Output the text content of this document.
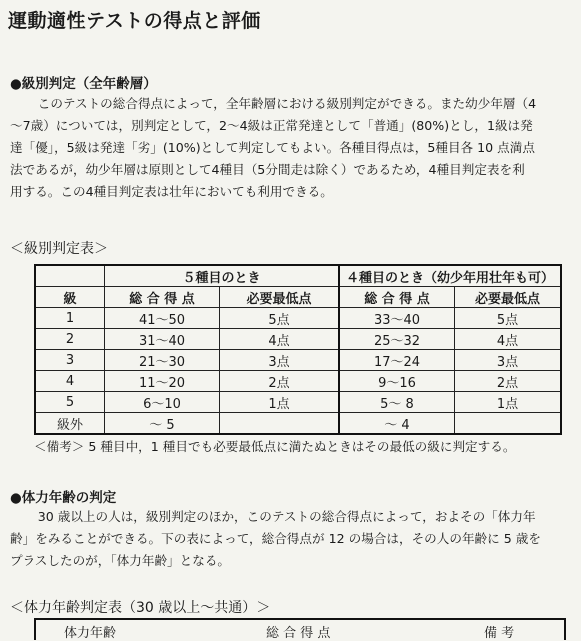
運動適性テストの得点と評価
●級別判定（全年齢層）
このテストの総合得点によって，全年齢層における級別判定ができる。また幼少年層（4
〜7歳）については，別判定として，2〜4級は正常発達として「普通」(80%)とし，1級は発
達「優」，5級は発達「劣」(10%)として判定してもよい。各種目得点は，5種目各 10 点満点
法であるが，幼少年層は原則として4種目（5分間走は除く）であるため，4種目判定表を利
用する。この4種目判定表は壮年においても利用できる。
＜級別判定表＞
	５種目のとき		４種目のとき（幼少年用壮年も可）	
級	総 合 得 点	必要最低点	総 合 得 点	必要最低点
1	41〜50	5点	33〜40	5点
2	31〜40	4点	25〜32	4点
3	21〜30	3点	17〜24	3点
4	11〜20	2点	9〜16	2点
5	6〜10	1点	5〜 8	1点
級外	〜 5		〜 4	
＜備考＞ 5 種目中，1 種目でも必要最低点に満たぬときはその最低の級に判定する。
●体力年齢の判定
30 歳以上の人は，級別判定のほか，このテストの総合得点によって，およその「体力年
齢」をみることができる。下の表によって，総合得点が 12 の場合は，その人の年齢に 5 歳を
プラスしたのが，「体力年齢」となる。
＜体力年齢判定表（30 歳以上〜共通）＞
体力年齢	総 合 得 点	備 考
